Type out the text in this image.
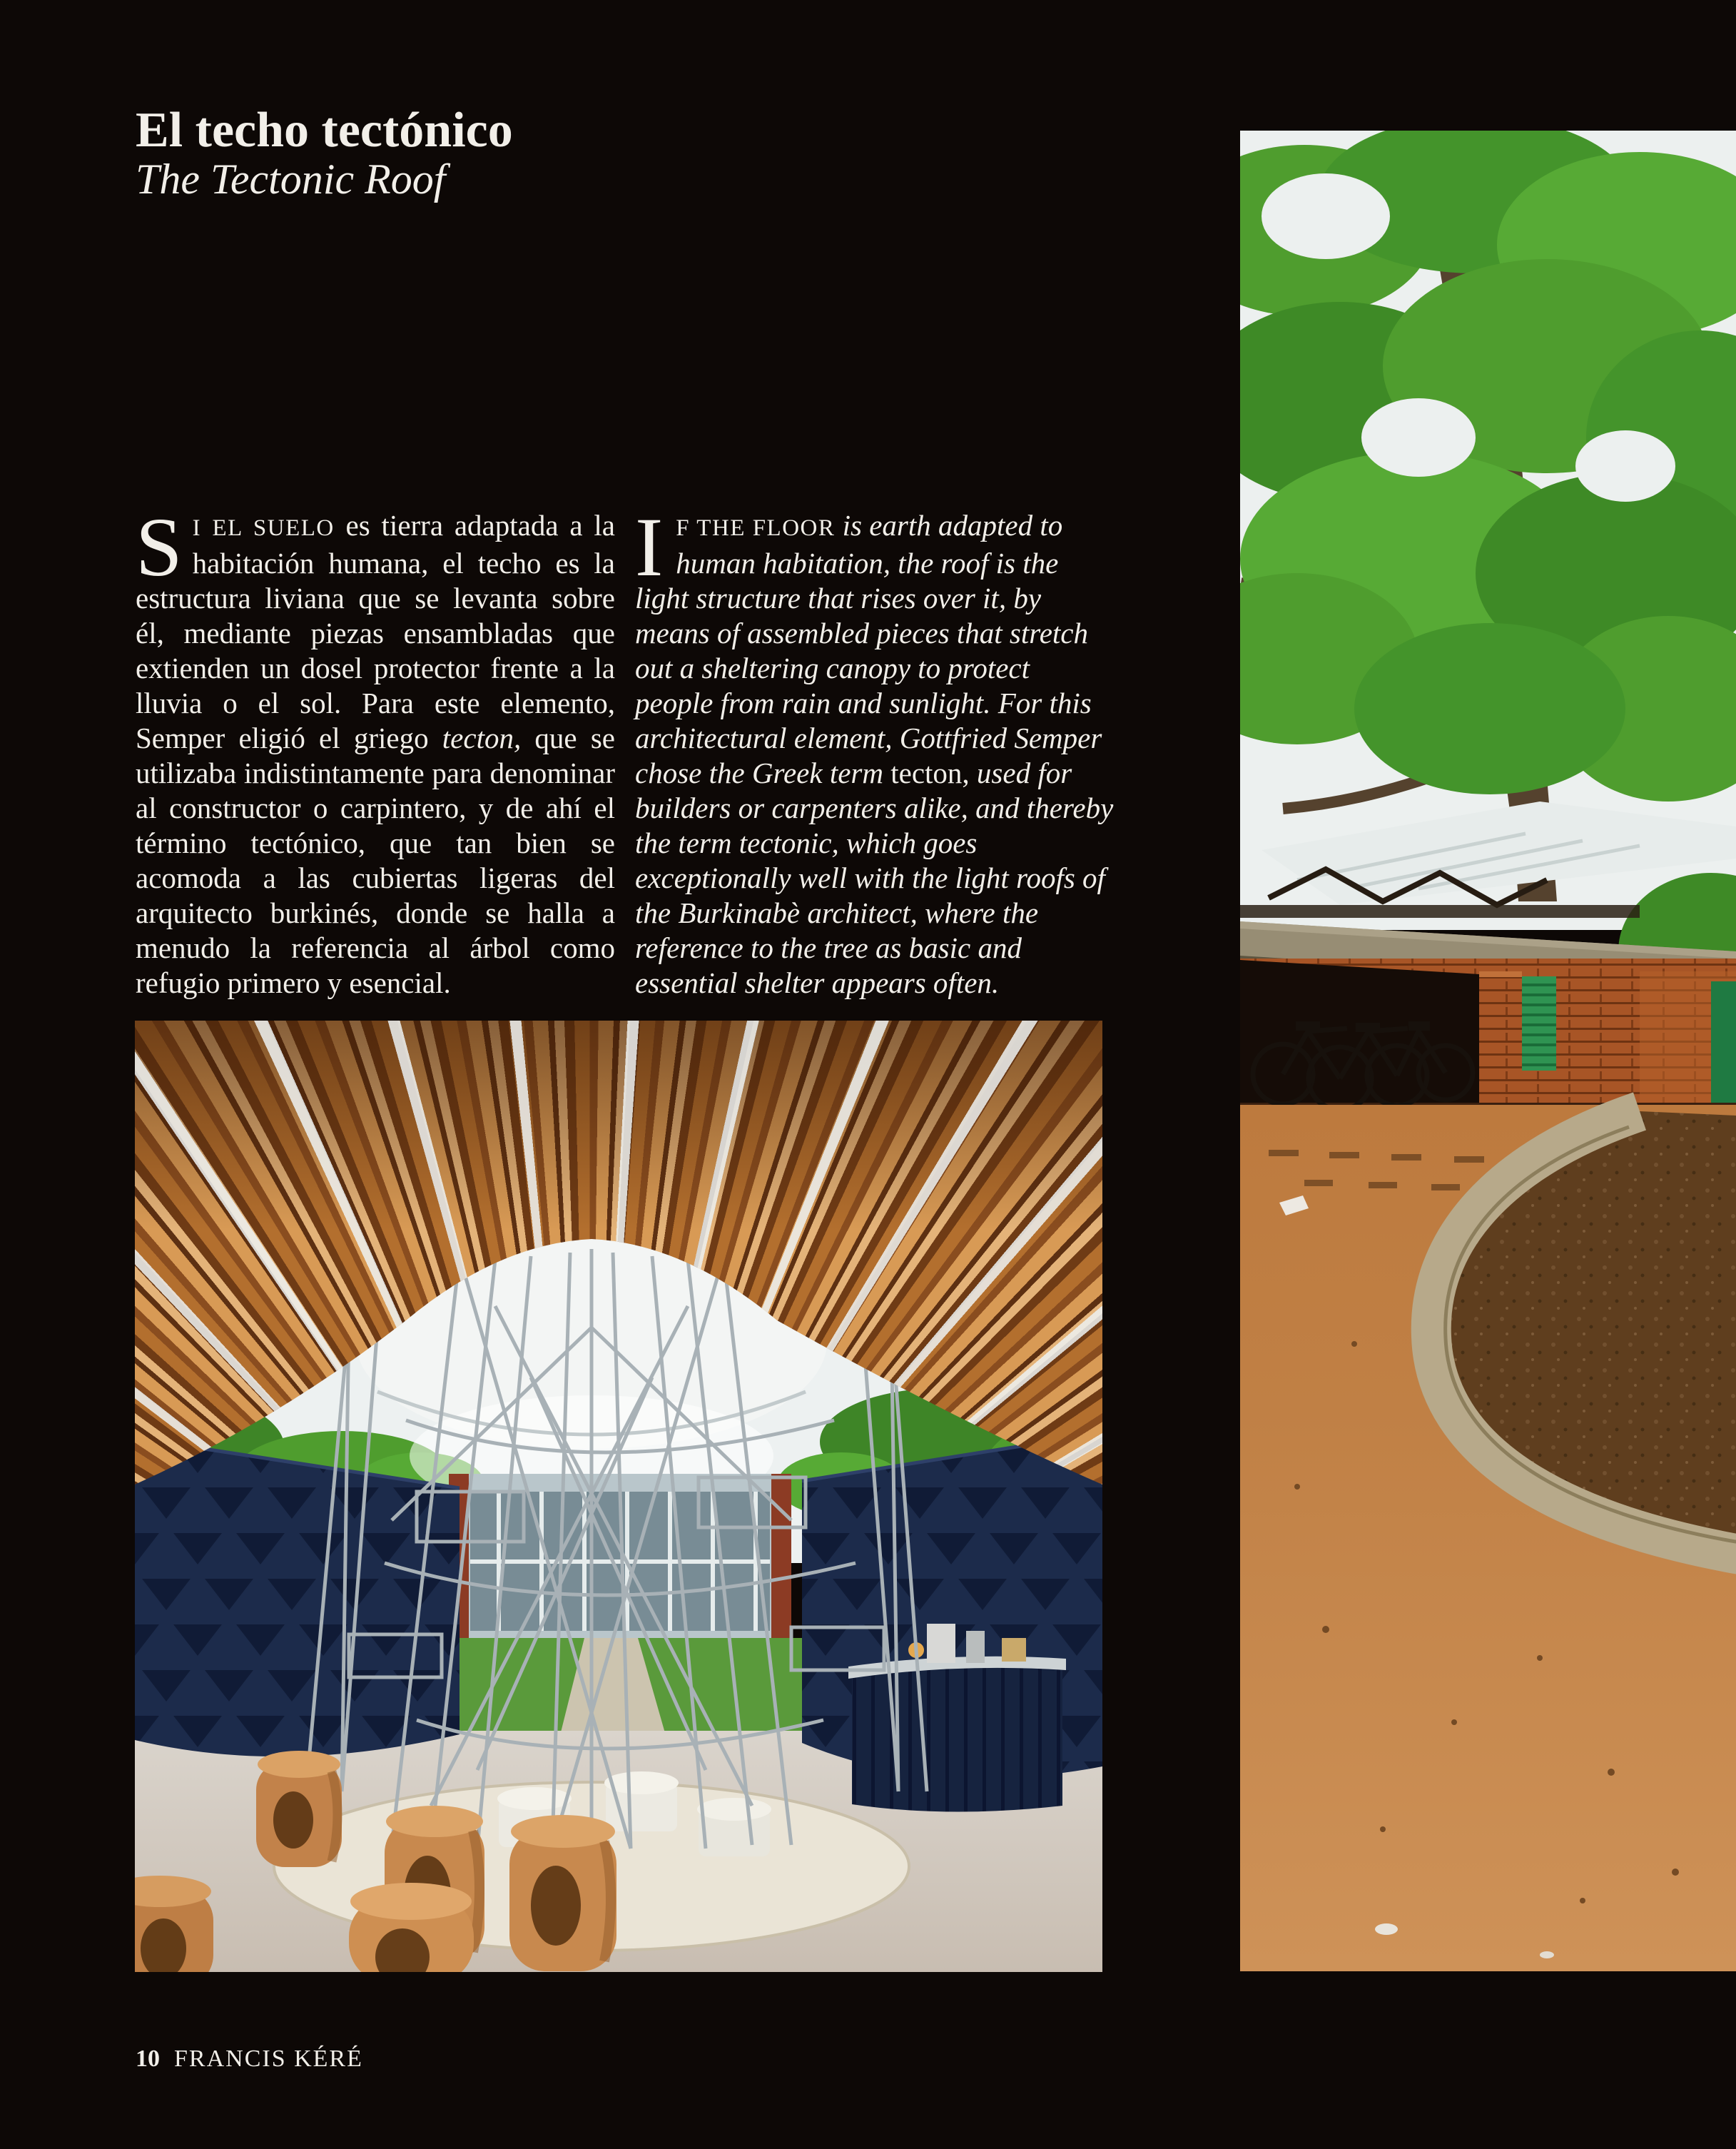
El techo tectónico
The Tectonic Roof

SI EL SUELO es tierra adaptada a la habitación humana, el techo es la estructura liviana que se levanta sobre él, mediante piezas ensambladas que extienden un dosel protector frente a la lluvia o el sol. Para este elemento, Semper eligió el griego tecton, que se utilizaba indistintamente para denominar al constructor o carpintero, y de ahí el término tectónico, que tan bien se acomoda a las cubiertas ligeras del arquitecto burkinés, donde se halla a menudo la referencia al árbol como refugio primero y esencial.

IF THE FLOOR is earth adapted to human habitation, the roof is the light structure that rises over it, by means of assembled pieces that stretch out a sheltering canopy to protect people from rain and sunlight. For this architectural element, Gottfried Semper chose the Greek term tecton, used for builders or carpenters alike, and thereby the term tectonic, which goes exceptionally well with the light roofs of the Burkinabè architect, where the reference to the tree as basic and essential shelter appears often.

10 FRANCIS KÉRÉ
